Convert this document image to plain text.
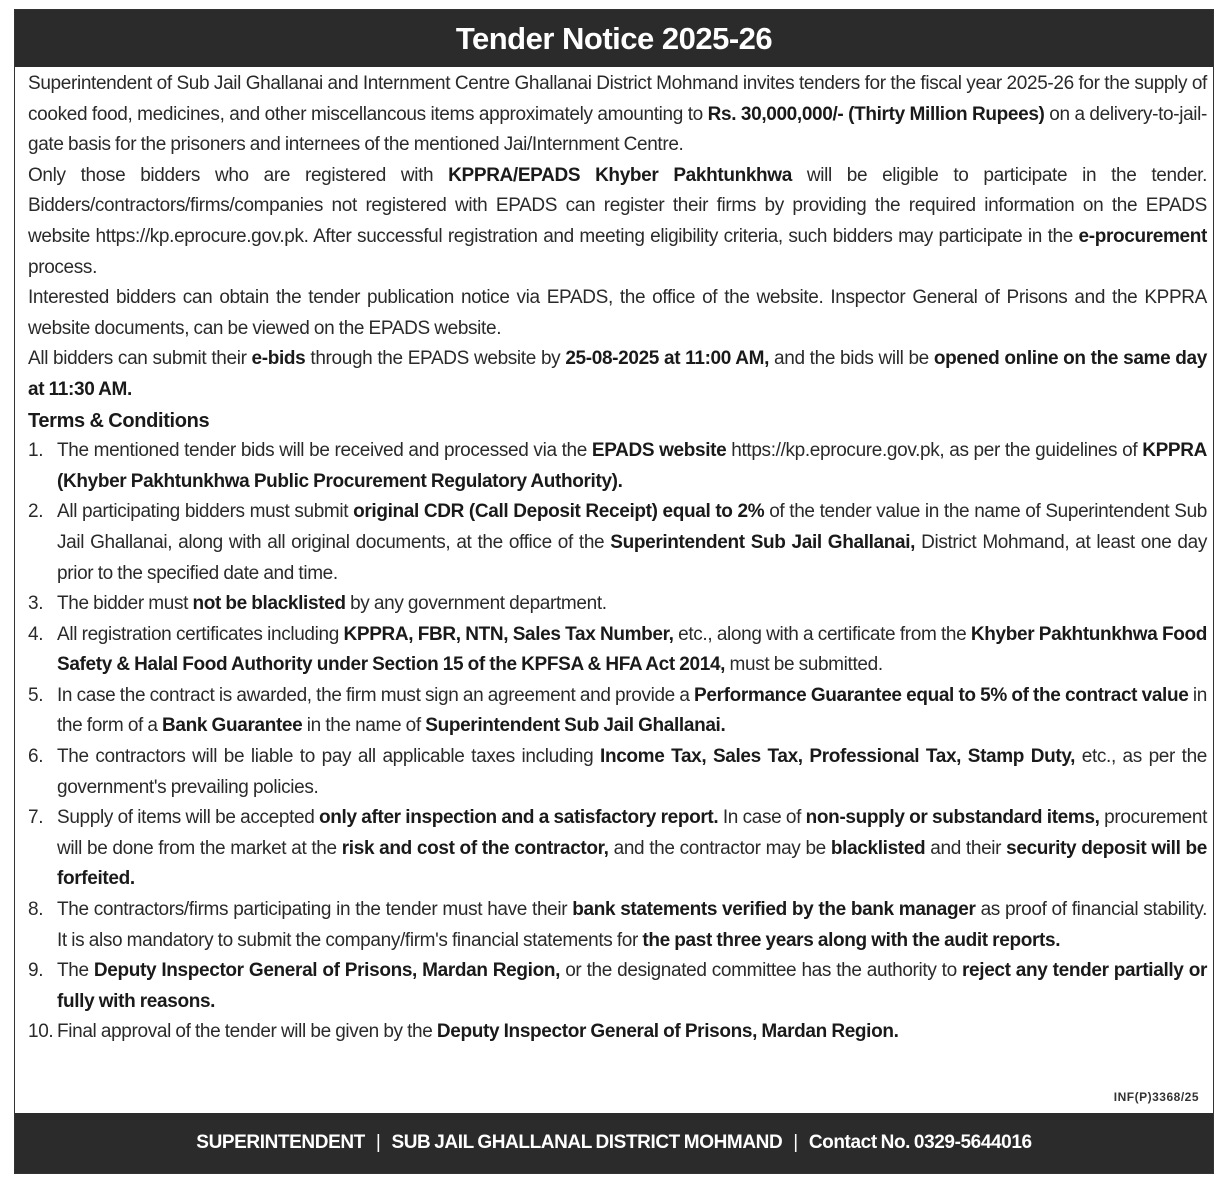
Tender Notice 2025-26

Superintendent of Sub Jail Ghallanai and Internment Centre Ghallanai District Mohmand invites tenders for the fiscal year 2025-26 for the supply of cooked food, medicines, and other miscellancous items approximately amounting to Rs. 30,000,000/- (Thirty Million Rupees) on a delivery-to-jail-gate basis for the prisoners and internees of the mentioned Jai/Internment Centre.

Only those bidders who are registered with KPPRA/EPADS Khyber Pakhtunkhwa will be eligible to participate in the tender. Bidders/contractors/firms/companies not registered with EPADS can register their firms by providing the required information on the EPADS website https://kp.eprocure.gov.pk. After successful registration and meeting eligibility criteria, such bidders may participate in the e-procurement process.

Interested bidders can obtain the tender publication notice via EPADS, the office of the website. Inspector General of Prisons and the KPPRA website documents, can be viewed on the EPADS website.

All bidders can submit their e-bids through the EPADS website by 25-08-2025 at 11:00 AM, and the bids will be opened online on the same day at 11:30 AM.

Terms & Conditions

1. The mentioned tender bids will be received and processed via the EPADS website https://kp.eprocure.gov.pk, as per the guidelines of KPPRA (Khyber Pakhtunkhwa Public Procurement Regulatory Authority).
2. All participating bidders must submit original CDR (Call Deposit Receipt) equal to 2% of the tender value in the name of Superintendent Sub Jail Ghallanai, along with all original documents, at the office of the Superintendent Sub Jail Ghallanai, District Mohmand, at least one day prior to the specified date and time.
3. The bidder must not be blacklisted by any government department.
4. All registration certificates including KPPRA, FBR, NTN, Sales Tax Number, etc., along with a certificate from the Khyber Pakhtunkhwa Food Safety & Halal Food Authority under Section 15 of the KPFSA & HFA Act 2014, must be submitted.
5. In case the contract is awarded, the firm must sign an agreement and provide a Performance Guarantee equal to 5% of the contract value in the form of a Bank Guarantee in the name of Superintendent Sub Jail Ghallanai.
6. The contractors will be liable to pay all applicable taxes including Income Tax, Sales Tax, Professional Tax, Stamp Duty, etc., as per the government's prevailing policies.
7. Supply of items will be accepted only after inspection and a satisfactory report. In case of non-supply or substandard items, procurement will be done from the market at the risk and cost of the contractor, and the contractor may be blacklisted and their security deposit will be forfeited.
8. The contractors/firms participating in the tender must have their bank statements verified by the bank manager as proof of financial stability. It is also mandatory to submit the company/firm's financial statements for the past three years along with the audit reports.
9. The Deputy Inspector General of Prisons, Mardan Region, or the designated committee has the authority to reject any tender partially or fully with reasons.
10. Final approval of the tender will be given by the Deputy Inspector General of Prisons, Mardan Region.
INF(P)3368/25
SUPERINTENDENT | SUB JAIL GHALLANAL DISTRICT MOHMAND | Contact No. 0329-5644016
